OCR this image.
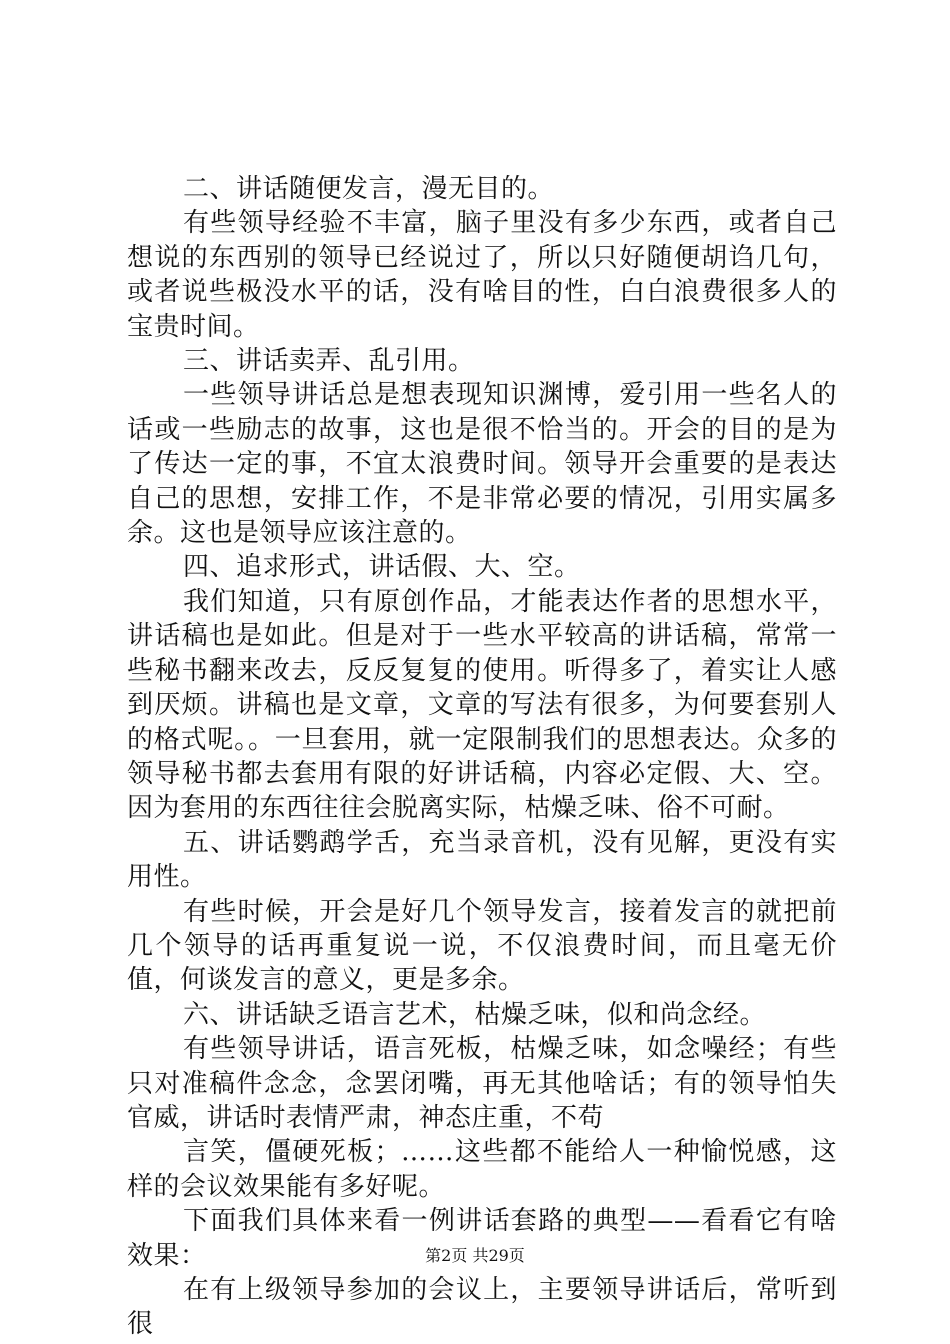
二、讲话随便发言，漫无目的。

有些领导经验不丰富，脑子里没有多少东西，或者自己想说的东西别的领导已经说过了，所以只好随便胡诌几句，或者说些极没水平的话，没有啥目的性，白白浪费很多人的宝贵时间。

三、讲话卖弄、乱引用。

一些领导讲话总是想表现知识渊博，爱引用一些名人的话或一些励志的故事，这也是很不恰当的。开会的目的是为了传达一定的事，不宜太浪费时间。领导开会重要的是表达自己的思想，安排工作，不是非常必要的情况，引用实属多余。这也是领导应该注意的。

四、追求形式，讲话假、大、空。

我们知道，只有原创作品，才能表达作者的思想水平，讲话稿也是如此。但是对于一些水平较高的讲话稿，常常一些秘书翻来改去，反反复复的使用。听得多了，着实让人感到厌烦。讲稿也是文章，文章的写法有很多，为何要套别人的格式呢。。一旦套用，就一定限制我们的思想表达。众多的领导秘书都去套用有限的好讲话稿，内容必定假、大、空。因为套用的东西往往会脱离实际，枯燥乏味、俗不可耐。

五、讲话鹦鹉学舌，充当录音机，没有见解，更没有实用性。

有些时候，开会是好几个领导发言，接着发言的就把前几个领导的话再重复说一说，不仅浪费时间，而且毫无价值，何谈发言的意义，更是多余。

六、讲话缺乏语言艺术，枯燥乏味，似和尚念经。

有些领导讲话，语言死板，枯燥乏味，如念噪经；有些只对准稿件念念，念罢闭嘴，再无其他啥话；有的领导怕失官威，讲话时表情严肃，神态庄重，不苟

言笑，僵硬死板；……这些都不能给人一种愉悦感，这样的会议效果能有多好呢。

下面我们具体来看一例讲话套路的典型——看看它有啥效果：

在有上级领导参加的会议上，主要领导讲话后，常听到很

第2页 共29页
